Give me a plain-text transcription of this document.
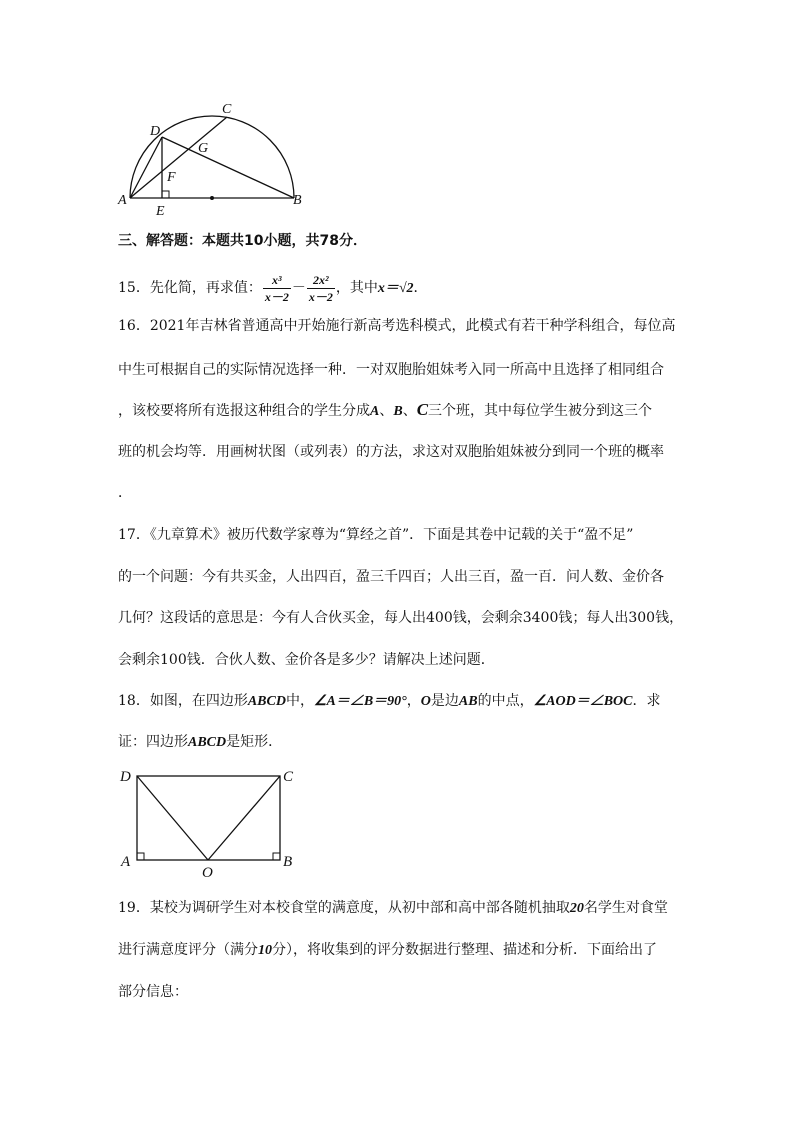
C
D
G
F
A
E
B
三、解答题：本题共10小题，共78分．
15．先化简，再求值： $\frac{\text{x³}}{x-2} - \frac{\text{2x²}}{x-2}$ ，其中x＝√2．
16．2021年吉林省普通高中开始施行新高考选科模式，此模式有若干种学科组合，每位高
中生可根据自己的实际情况选择一种．一对双胞胎姐妹考入同一所高中且选择了相同组合
，该校要将所有选报这种组合的学生分成A、B、C三个班，其中每位学生被分到这三个
班的机会均等．用画树状图（或列表）的方法，求这对双胞胎姐妹被分到同一个班的概率
．
17．《九章算术》被历代数学家尊为“算经之首”．下面是其卷中记载的关于“盈不足”
的一个问题：今有共买金，人出四百，盈三千四百；人出三百，盈一百．问人数、金价各
几何？这段话的意思是：今有人合伙买金，每人出400钱，会剩余3400钱；每人出300钱，
会剩余100钱．合伙人数、金价各是多少？请解决上述问题．
18．如图，在四边形ABCD中，∠A＝∠B＝90°，O是边AB的中点，∠AOD＝∠BOC．求
证：四边形ABCD是矩形．
D	C
A	B
O
19．某校为调研学生对本校食堂的满意度，从初中部和高中部各随机抽取20名学生对食堂
进行满意度评分（满分10分），将收集到的评分数据进行整理、描述和分析．下面给出了
部分信息：
